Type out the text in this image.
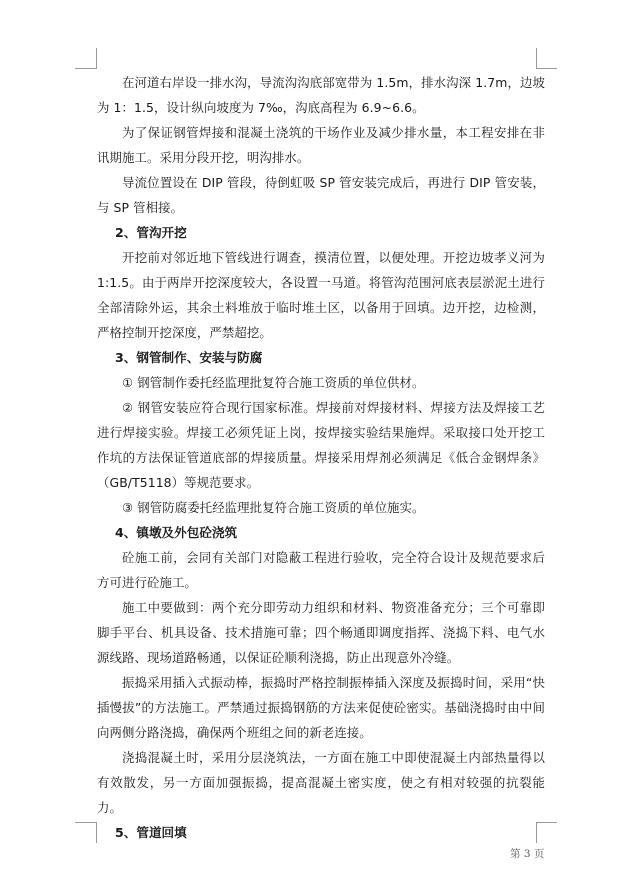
在河道右岸设一排水沟，导流沟沟底部宽带为 1.5m，排水沟深 1.7m，边坡为 1：1.5，设计纵向坡度为 7‰，沟底高程为 6.9~6.6。

为了保证钢管焊接和混凝土浇筑的干场作业及减少排水量，本工程安排在非讯期施工。采用分段开挖，明沟排水。

导流位置设在 DIP 管段，待倒虹吸 SP 管安装完成后，再进行 DIP 管安装，与 SP 管相接。

2、管沟开挖

开挖前对邻近地下管线进行调查，摸清位置，以便处理。开挖边坡孝义河为 1:1.5。由于两岸开挖深度较大，各设置一马道。将管沟范围河底表层淤泥土进行全部清除外运，其余土料堆放于临时堆土区，以备用于回填。边开挖，边检测，严格控制开挖深度，严禁超挖。

3、钢管制作、安装与防腐

① 钢管制作委托经监理批复符合施工资质的单位供材。

② 钢管安装应符合现行国家标准。焊接前对焊接材料、焊接方法及焊接工艺进行焊接实验。焊接工必须凭证上岗，按焊接实验结果施焊。采取接口处开挖工作坑的方法保证管道底部的焊接质量。焊接采用焊剂必须满足《低合金钢焊条》（GB/T5118）等规范要求。

③ 钢管防腐委托经监理批复符合施工资质的单位施实。

4、镇墩及外包砼浇筑

砼施工前，会同有关部门对隐蔽工程进行验收，完全符合设计及规范要求后方可进行砼施工。

施工中要做到：两个充分即劳动力组织和材料、物资准备充分；三个可靠即脚手平台、机具设备、技术措施可靠；四个畅通即调度指挥、浇捣下料、电气水源线路、现场道路畅通，以保证砼顺利浇捣，防止出现意外冷缝。

振捣采用插入式振动棒，振捣时严格控制振棒插入深度及振捣时间，采用“快插慢拔”的方法施工。严禁通过振捣钢筋的方法来促使砼密实。基础浇捣时由中间向两侧分路浇捣，确保两个班组之间的新老连接。

浇捣混凝土时，采用分层浇筑法，一方面在施工中即使混凝土内部热量得以有效散发，另一方面加强振捣，提高混凝土密实度，使之有相对较强的抗裂能力。

5、管道回填

第 3 页
